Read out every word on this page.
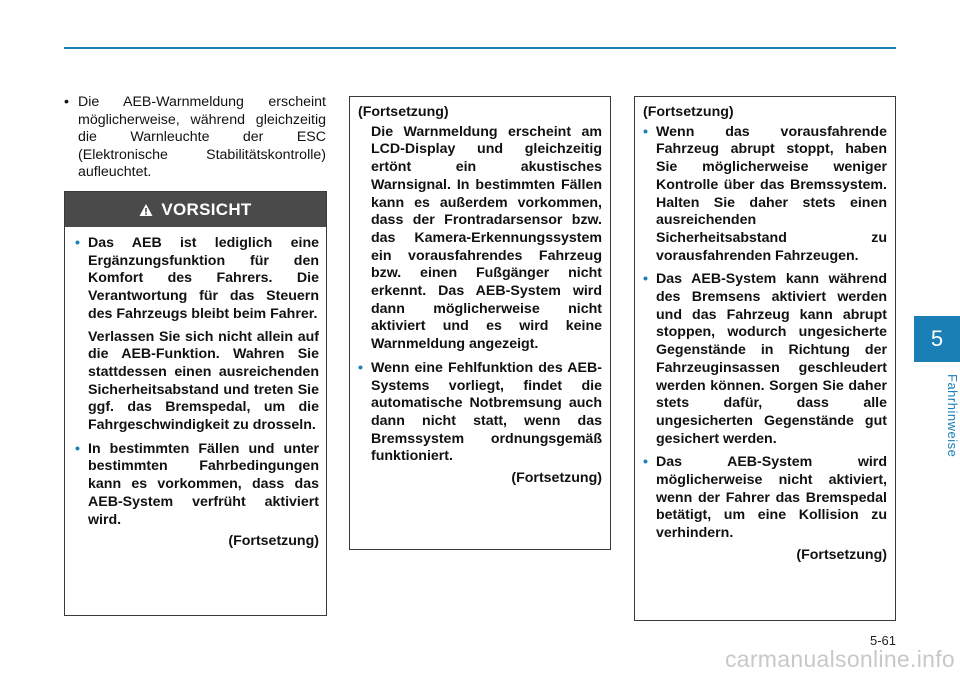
• Die AEB-Warnmeldung erscheint möglicherweise, während gleichzeitig die Warnleuchte der ESC (Elektronische Stabilitätskontrolle) aufleuchtet.
VORSICHT
• Das AEB ist lediglich eine Ergänzungsfunktion für den Komfort des Fahrers. Die Verantwortung für das Steuern des Fahrzeugs bleibt beim Fahrer.
Verlassen Sie sich nicht allein auf die AEB-Funktion. Wahren Sie stattdessen einen ausreichenden Sicherheitsabstand und treten Sie ggf. das Bremspedal, um die Fahrgeschwindigkeit zu drosseln.
• In bestimmten Fällen und unter bestimmten Fahrbedingungen kann es vorkommen, dass das AEB-System verfrüht aktiviert wird.
(Fortsetzung)
(Fortsetzung)
Die Warnmeldung erscheint am LCD-Display und gleichzeitig ertönt ein akustisches Warnsignal. In bestimmten Fällen kann es außerdem vorkommen, dass der Frontradarsensor bzw. das Kamera-Erkennungssystem ein vorausfahrendes Fahrzeug bzw. einen Fußgänger nicht erkennt. Das AEB-System wird dann möglicherweise nicht aktiviert und es wird keine Warnmeldung angezeigt.
• Wenn eine Fehlfunktion des AEB-Systems vorliegt, findet die automatische Notbremsung auch dann nicht statt, wenn das Bremssystem ordnungsgemäß funktioniert.
(Fortsetzung)
(Fortsetzung)
• Wenn das vorausfahrende Fahrzeug abrupt stoppt, haben Sie möglicherweise weniger Kontrolle über das Bremssystem. Halten Sie daher stets einen ausreichenden Sicherheitsabstand zu vorausfahrenden Fahrzeugen.
• Das AEB-System kann während des Bremsens aktiviert werden und das Fahrzeug kann abrupt stoppen, wodurch ungesicherte Gegenstände in Richtung der Fahrzeuginsassen geschleudert werden können. Sorgen Sie daher stets dafür, dass alle ungesicherten Gegenstände gut gesichert werden.
• Das AEB-System wird möglicherweise nicht aktiviert, wenn der Fahrer das Bremspedal betätigt, um eine Kollision zu verhindern.
(Fortsetzung)
5
Fahrhinweise
5-61
carmanualsonline.info
